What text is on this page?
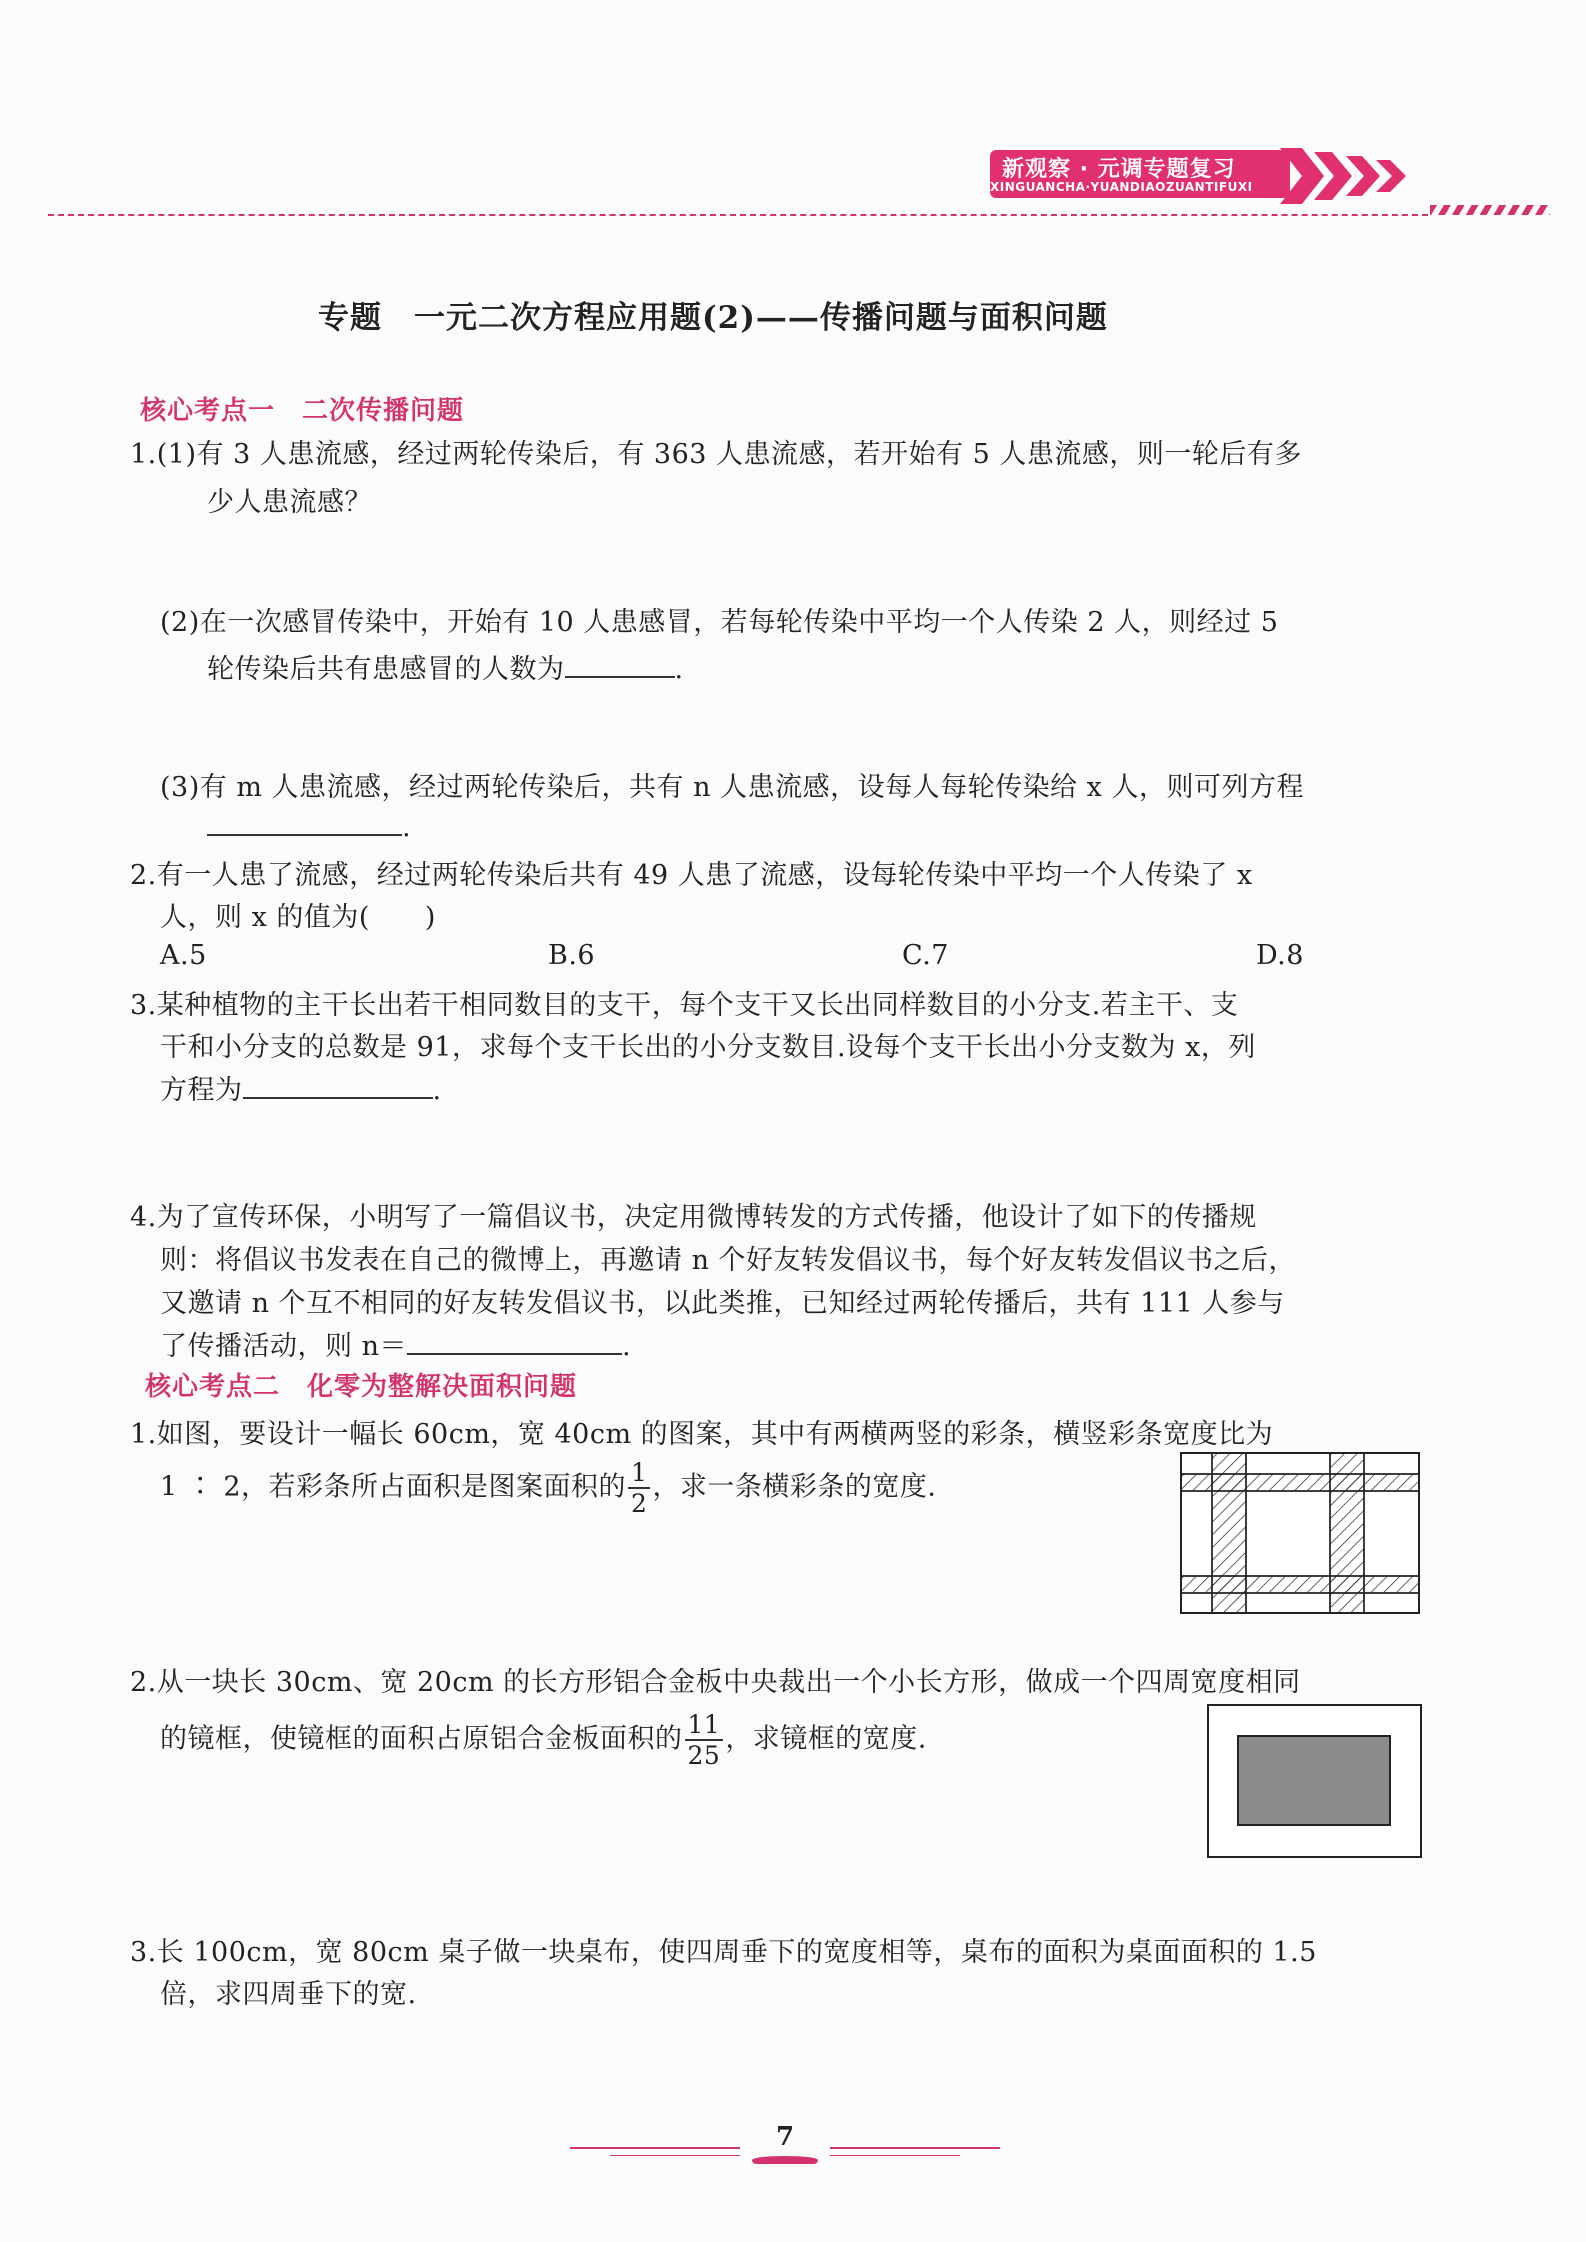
新观察 · 元调专题复习
XINGUANCHA·YUANDIAOZUANTIFUXI
专题　一元二次方程应用题(2)——传播问题与面积问题
核心考点一　二次传播问题
1.(1)有 3 人患流感，经过两轮传染后，有 363 人患流感，若开始有 5 人患流感，则一轮后有多
少人患流感？
(2)在一次感冒传染中，开始有 10 人患感冒，若每轮传染中平均一个人传染 2 人，则经过 5
轮传染后共有患感冒的人数为	.
(3)有 m 人患流感，经过两轮传染后，共有 n 人患流感，设每人每轮传染给 x 人，则可列方程
.
2.有一人患了流感，经过两轮传染后共有 49 人患了流感，设每轮传染中平均一个人传染了 x
人，则 x 的值为(　　)
A.5	B.6	C.7	D.8
3.某种植物的主干长出若干相同数目的支干，每个支干又长出同样数目的小分支.若主干、支
干和小分支的总数是 91，求每个支干长出的小分支数目.设每个支干长出小分支数为 x，列
方程为	.
4.为了宣传环保，小明写了一篇倡议书，决定用微博转发的方式传播，他设计了如下的传播规
则：将倡议书发表在自己的微博上，再邀请 n 个好友转发倡议书，每个好友转发倡议书之后，
又邀请 n 个互不相同的好友转发倡议书，以此类推，已知经过两轮传播后，共有 111 人参与
了传播活动，则 n＝	.
核心考点二　化零为整解决面积问题
1.如图，要设计一幅长 60cm，宽 40cm 的图案，其中有两横两竖的彩条，横竖彩条宽度比为
1 ∶ 2，若彩条所占面积是图案面积的 $\frac{1}{2}$ ，求一条横彩条的宽度.
2.从一块长 30cm、宽 20cm 的长方形铝合金板中央裁出一个小长方形，做成一个四周宽度相同
的镜框，使镜框的面积占原铝合金板面积的 $\frac{11}{25}$ ，求镜框的宽度.
3.长 100cm，宽 80cm 桌子做一块桌布，使四周垂下的宽度相等，桌布的面积为桌面面积的 1.5
倍，求四周垂下的宽.
7
